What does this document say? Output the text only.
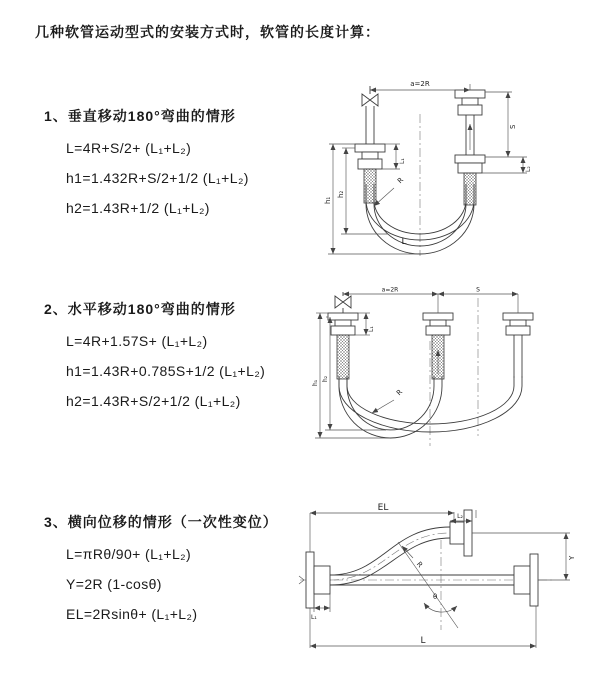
几种软管运动型式的安装方式时，软管的长度计算：
1、垂直移动180°弯曲的情形
L=4R+S/2+ (L₁+L₂)
h1=1.432R+S/2+1/2 (L₁+L₂)
h2=1.43R+1/2 (L₁+L₂)
2、水平移动180°弯曲的情形
L=4R+1.57S+ (L₁+L₂)
h1=1.43R+0.785S+1/2 (L₁+L₂)
h2=1.43R+S/2+1/2 (L₁+L₂)
3、横向位移的情形（一次性变位）
L=πRθ/90+ (L₁+L₂)
Y=2R (1-cosθ)
EL=2Rsinθ+ (L₁+L₂)
a=2R
L₁
S
L₂
h₁
h₂
R
L
a=2R	S
L₁
h₁
h₂
R
θ
R
EL
L₂
Y
L₁
L
